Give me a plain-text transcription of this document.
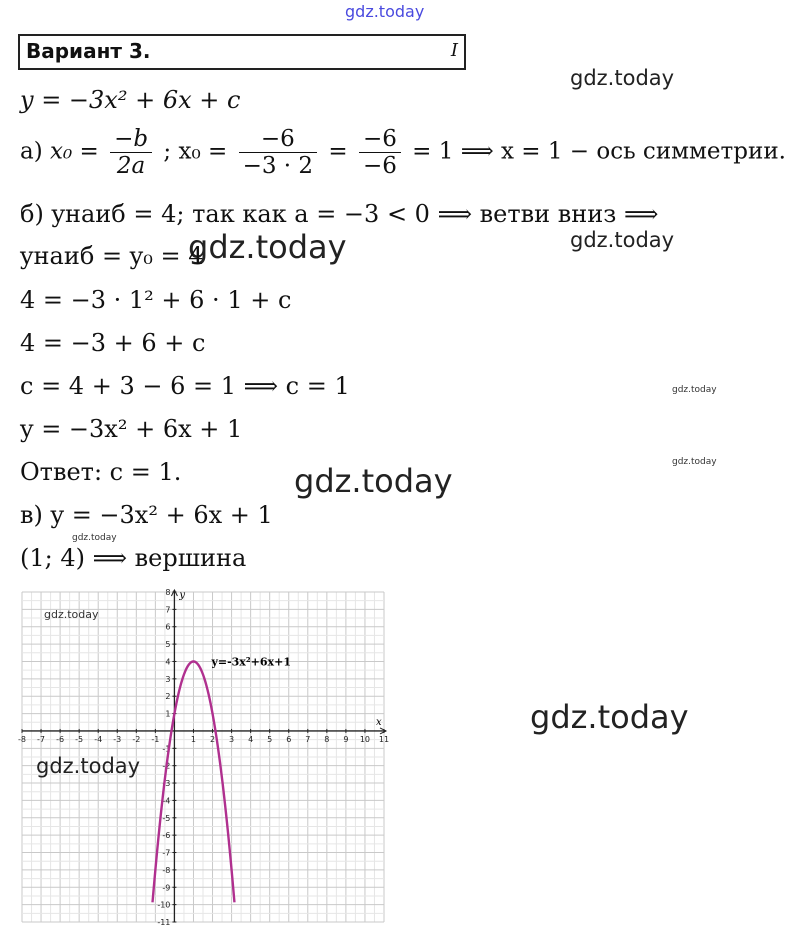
gdz.today
gdz.today
gdz.today
gdz.today
gdz.today
gdz.today
gdz.today
gdz.today
gdz.today
Вариант 3.	I
y = −3x² + 6x + c
а) $x_0 = \frac{-b}{2a}$ ; $x_0 = \frac{-6}{-3 \cdot 2} = \frac{-6}{-6} = 1$ ⟹ x = 1 − ось симметрии.
б) yнаиб = 4; так как a = −3 < 0 ⟹ ветви вниз ⟹
yнаиб = y₀ = 4
4 = −3 · 1² + 6 · 1 + c
4 = −3 + 6 + c
c = 4 + 3 − 6 = 1 ⟹ c = 1
y = −3x² + 6x + 1
Ответ: c = 1.
в) y = −3x² + 6x + 1
(1; 4) ⟹ вершина
x
y
-8 -7 -6 -5 -4 -3 -2 -1	1 2 3 4 5 6 7 8 9 10 11
8
7
6
5
4
3
2
1
-1
-2
-3
-4
-5
-6
-7
-8
-9
-10
-11
y=-3x²+6x+1
gdz.today
gdz.today
